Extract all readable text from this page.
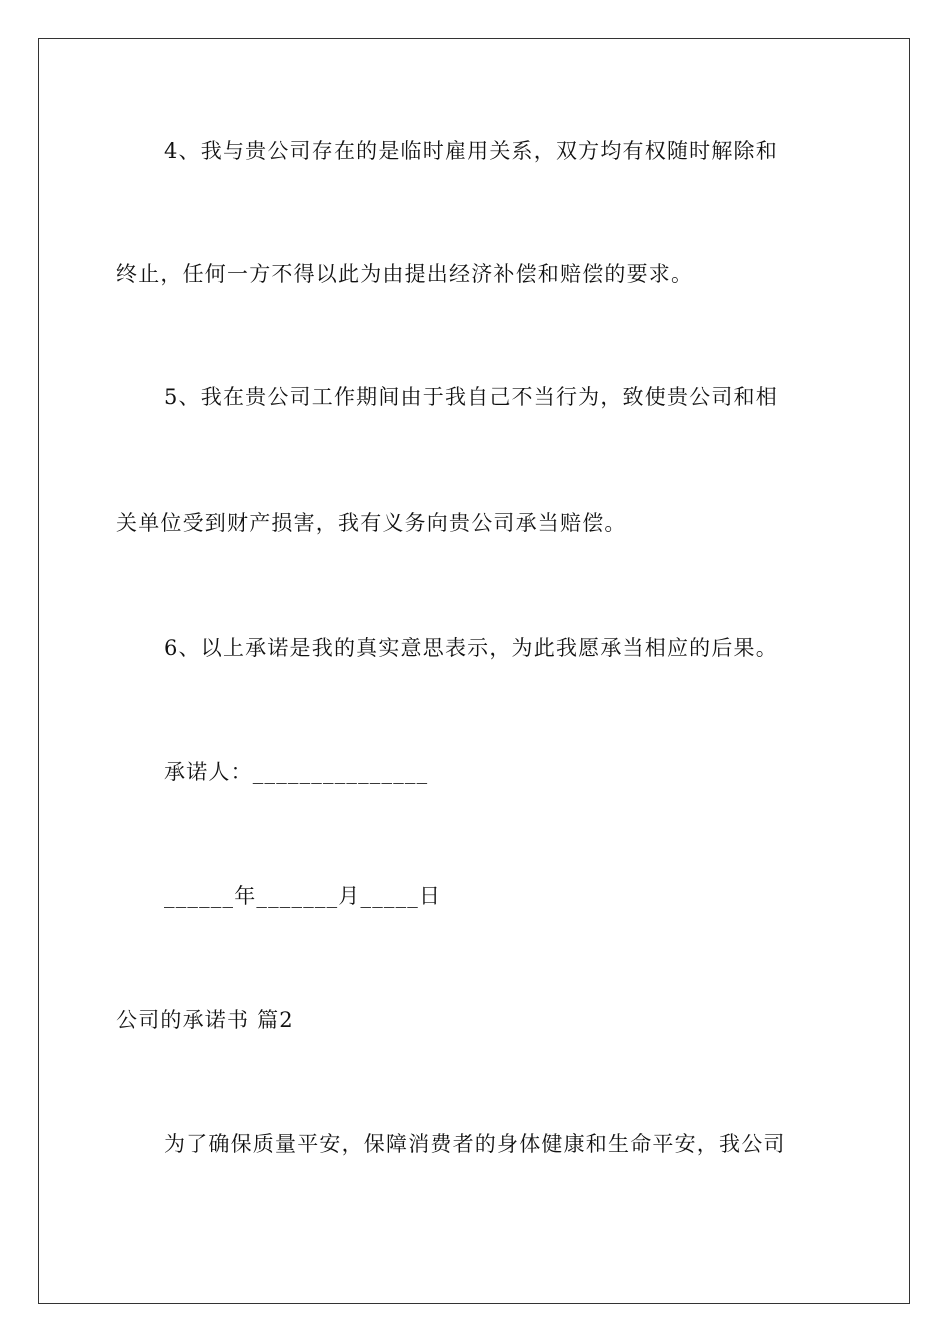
4、我与贵公司存在的是临时雇用关系，双方均有权随时解除和
终止，任何一方不得以此为由提出经济补偿和赔偿的要求。
5、我在贵公司工作期间由于我自己不当行为，致使贵公司和相
关单位受到财产损害，我有义务向贵公司承当赔偿。
6、以上承诺是我的真实意思表示，为此我愿承当相应的后果。
承诺人：_______________
______年_______月_____日
公司的承诺书 篇2
为了确保质量平安，保障消费者的身体健康和生命平安，我公司
